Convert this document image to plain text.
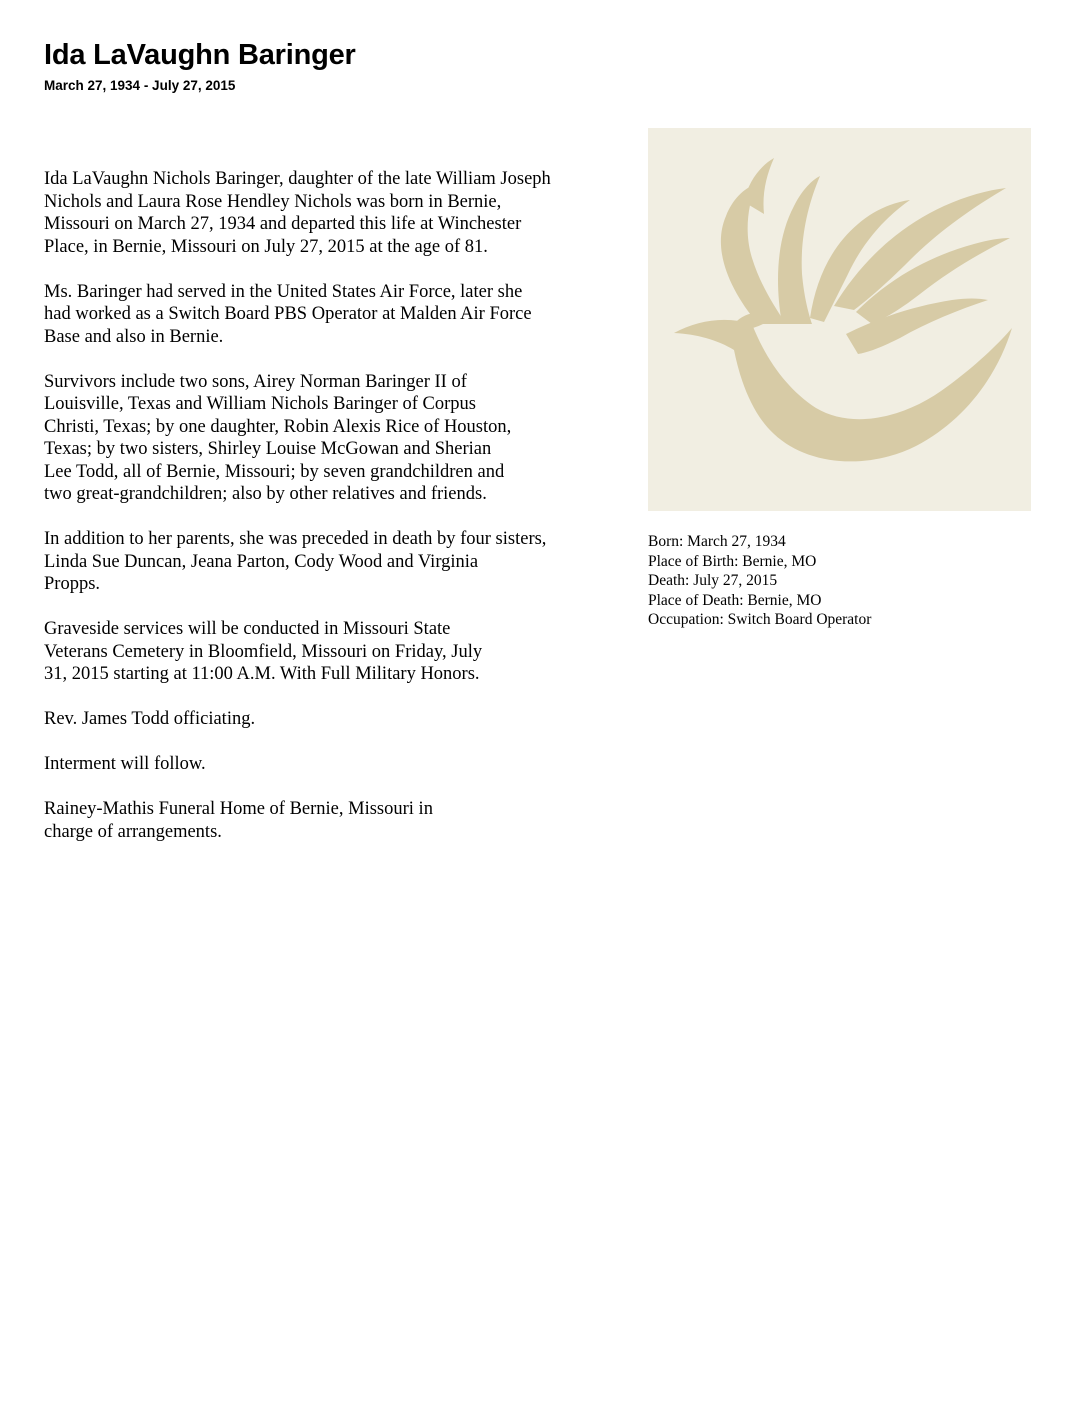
Ida LaVaughn Baringer
March 27, 1934 - July 27, 2015

Ida LaVaughn Nichols Baringer, daughter of the late William Joseph
Nichols and Laura Rose Hendley Nichols was born in Bernie,
Missouri on March 27, 1934 and departed this life at Winchester
Place, in Bernie, Missouri on July 27, 2015 at the age of 81.

Ms. Baringer had served in the United States Air Force, later she
had worked as a Switch Board PBS Operator at Malden Air Force
Base and also in Bernie.

Survivors include two sons, Airey Norman Baringer II of
Louisville, Texas and William Nichols Baringer of Corpus
Christi, Texas; by one daughter, Robin Alexis Rice of Houston,
Texas; by two sisters, Shirley Louise McGowan and Sherian
Lee Todd, all of Bernie, Missouri; by seven grandchildren and
two great-grandchildren; also by other relatives and friends.

In addition to her parents, she was preceded in death by four sisters,
Linda Sue Duncan, Jeana Parton, Cody Wood and Virginia
Propps.

Graveside services will be conducted in Missouri State
Veterans Cemetery in Bloomfield, Missouri on Friday, July
31, 2015 starting at 11:00 A.M. With Full Military Honors.

Rev. James Todd officiating.

Interment will follow.

Rainey-Mathis Funeral Home of Bernie, Missouri in
charge of arrangements.

Born: March 27, 1934
Place of Birth: Bernie, MO
Death: July 27, 2015
Place of Death: Bernie, MO
Occupation: Switch Board Operator
